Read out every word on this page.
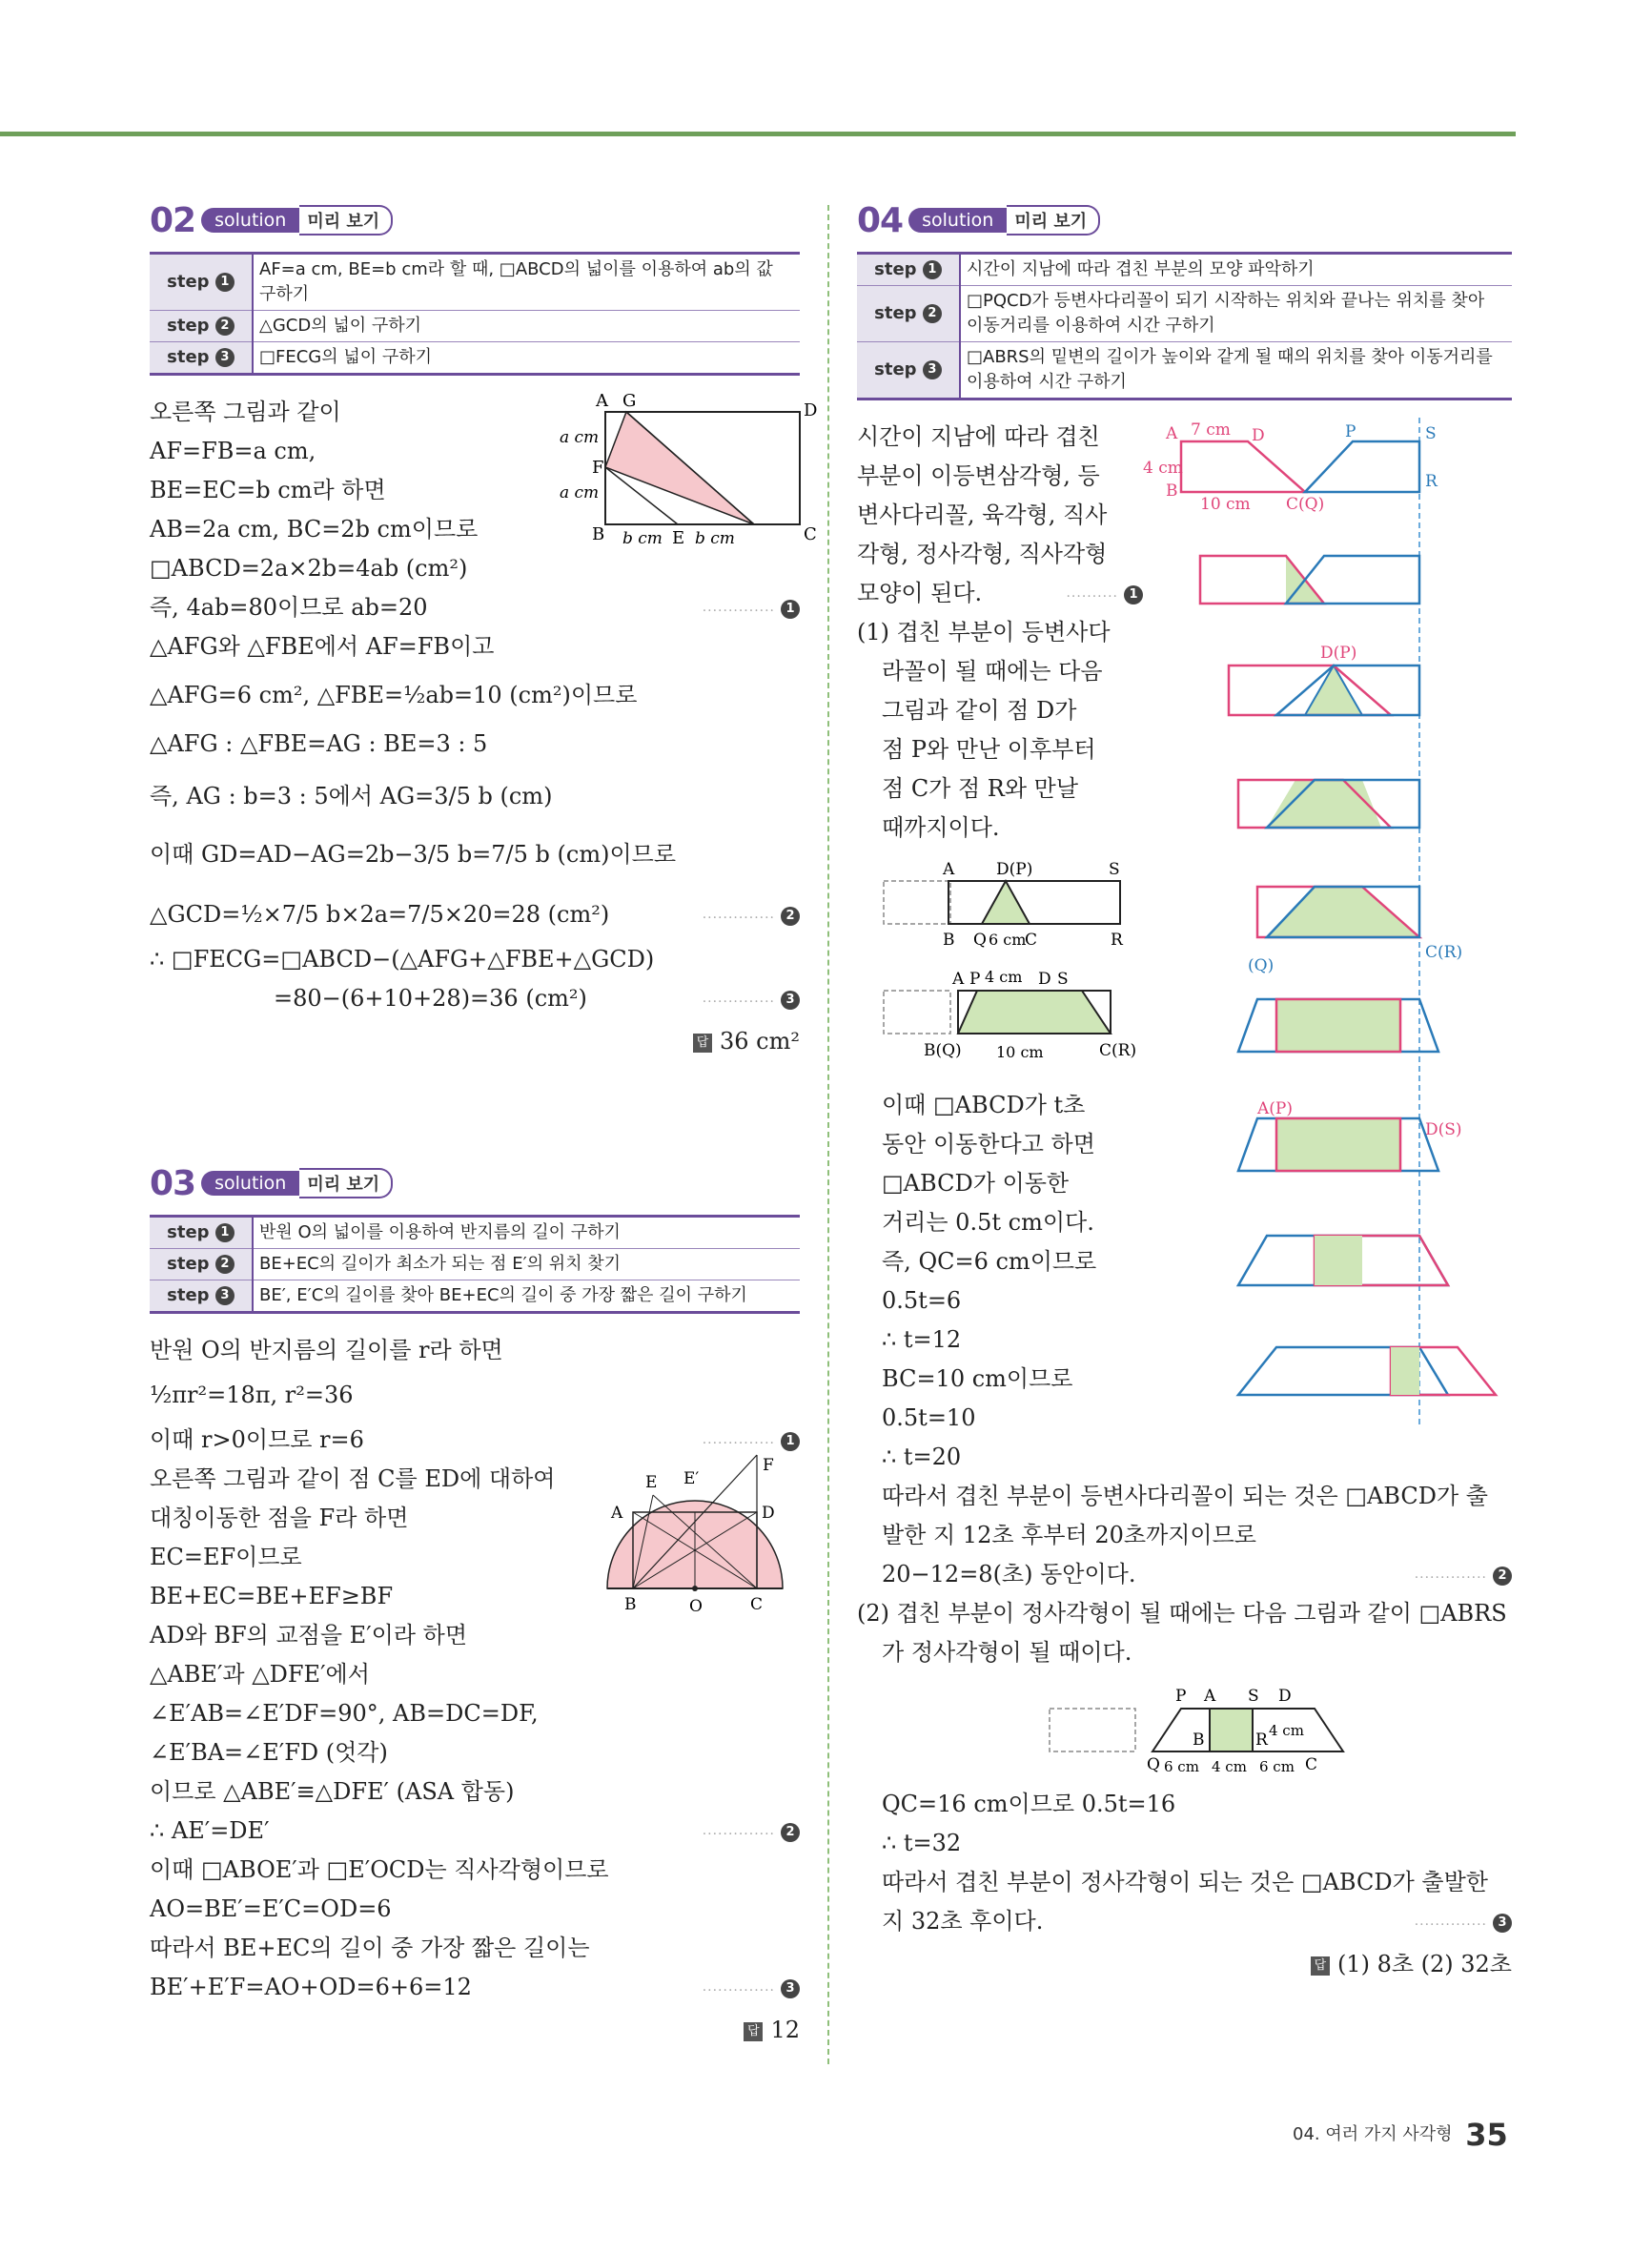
02	solution	미리 보기
step 1	AF=a cm, BE=b cm라 할 때, □ABCD의 넓이를 이용하여 ab의 값 구하기
step 2	△GCD의 넓이 구하기
step 3	□FECG의 넓이 구하기
A G	D
F
B	E	C
a cm
a cm
b cm b cm
오른쪽 그림과 같이
AF=FB=a cm,
BE=EC=b cm라 하면
AB=2a cm, BC=2b cm이므로
□ABCD=2a×2b=4ab (cm²)
즉, 4ab=80이므로 ab=20	·············· 1
△AFG와 △FBE에서 AF=FB이고
△AFG=6 cm², △FBE=½ab=10 (cm²)이므로
△AFG : △FBE=AG : BE=3 : 5
즉, AG : b=3 : 5에서 AG=3/5 b (cm)
이때 GD=AD−AG=2b−3/5 b=7/5 b (cm)이므로
△GCD=½×7/5 b×2a=7/5×20=28 (cm²)	·············· 2
∴ □FECG=□ABCD−(△AFG+△FBE+△GCD)
=80−(6+10+28)=36 (cm²)	·············· 3
답 36 cm²
03	solution	미리 보기
step 1	반원 O의 넓이를 이용하여 반지름의 길이 구하기
step 2	BE+EC의 길이가 최소가 되는 점 E′의 위치 찾기
step 3	BE′, E′C의 길이를 찾아 BE+EC의 길이 중 가장 짧은 길이 구하기
E E′
F
A	D
B	O	C
반원 O의 반지름의 길이를 r라 하면
½πr²=18π, r²=36
이때 r>0이므로 r=6	·············· 1
오른쪽 그림과 같이 점 C를 ED에 대하여
대칭이동한 점을 F라 하면
EC=EF이므로
BE+EC=BE+EF≥BF
AD와 BF의 교점을 E′이라 하면
△ABE′과 △DFE′에서
∠E′AB=∠E′DF=90°, AB=DC=DF,
∠E′BA=∠E′FD (엇각)
이므로 △ABE′≡△DFE′ (ASA 합동)
∴ AE′=DE′	·············· 2
이때 □ABOE′과 □E′OCD는 직사각형이므로
AO=BE′=E′C=OD=6
따라서 BE+EC의 길이 중 가장 짧은 길이는
BE′+E′F=AO+OD=6+6=12	·············· 3
답 12
04	solution	미리 보기
step 1	시간이 지남에 따라 겹친 부분의 모양 파악하기
step 2	□PQCD가 등변사다리꼴이 되기 시작하는 위치와 끝나는 위치를 찾아 이동거리를 이용하여 시간 구하기
step 3	□ABRS의 밑변의 길이가 높이와 같게 될 때의 위치를 찾아 이동거리를 이용하여 시간 구하기
A 7 cm
4 cm
10 cm
D	P	S
R
B
C(Q)
D(P)
C(R)
(Q)
A(P)
D(S)
시간이 지남에 따라 겹친
부분이 이등변삼각형, 등
변사다리꼴, 육각형, 직사
각형, 정사각형, 직사각형
모양이 된다.	·········· 1
(1) 겹친 부분이 등변사다
라꼴이 될 때에는 다음
그림과 같이 점 D가
점 P와 만난 이후부터
점 C가 점 R와 만날
때까지이다.
A	D(P)	S
B Q 6 cm
C	R
A P 4 cm D S
B(Q) 10 cm	C(R)
이때 □ABCD가 t초
동안 이동한다고 하면
□ABCD가 이동한
거리는 0.5t cm이다.
즉, QC=6 cm이므로
0.5t=6
∴ t=12
BC=10 cm이므로
0.5t=10
∴ t=20
따라서 겹친 부분이 등변사다리꼴이 되는 것은 □ABCD가 출
발한 지 12초 후부터 20초까지이므로
20−12=8(초) 동안이다.	·············· 2
(2) 겹친 부분이 정사각형이 될 때에는 다음 그림과 같이 □ABRS
가 정사각형이 될 때이다.
P A S D
B	R 4 cm
Q 6 cm 4 cm 6 cm C
QC=16 cm이므로 0.5t=16
∴ t=32
따라서 겹친 부분이 정사각형이 되는 것은 □ABCD가 출발한
지 32초 후이다.	·············· 3
답 (1) 8초 (2) 32초
04. 여러 가지 사각형 35
